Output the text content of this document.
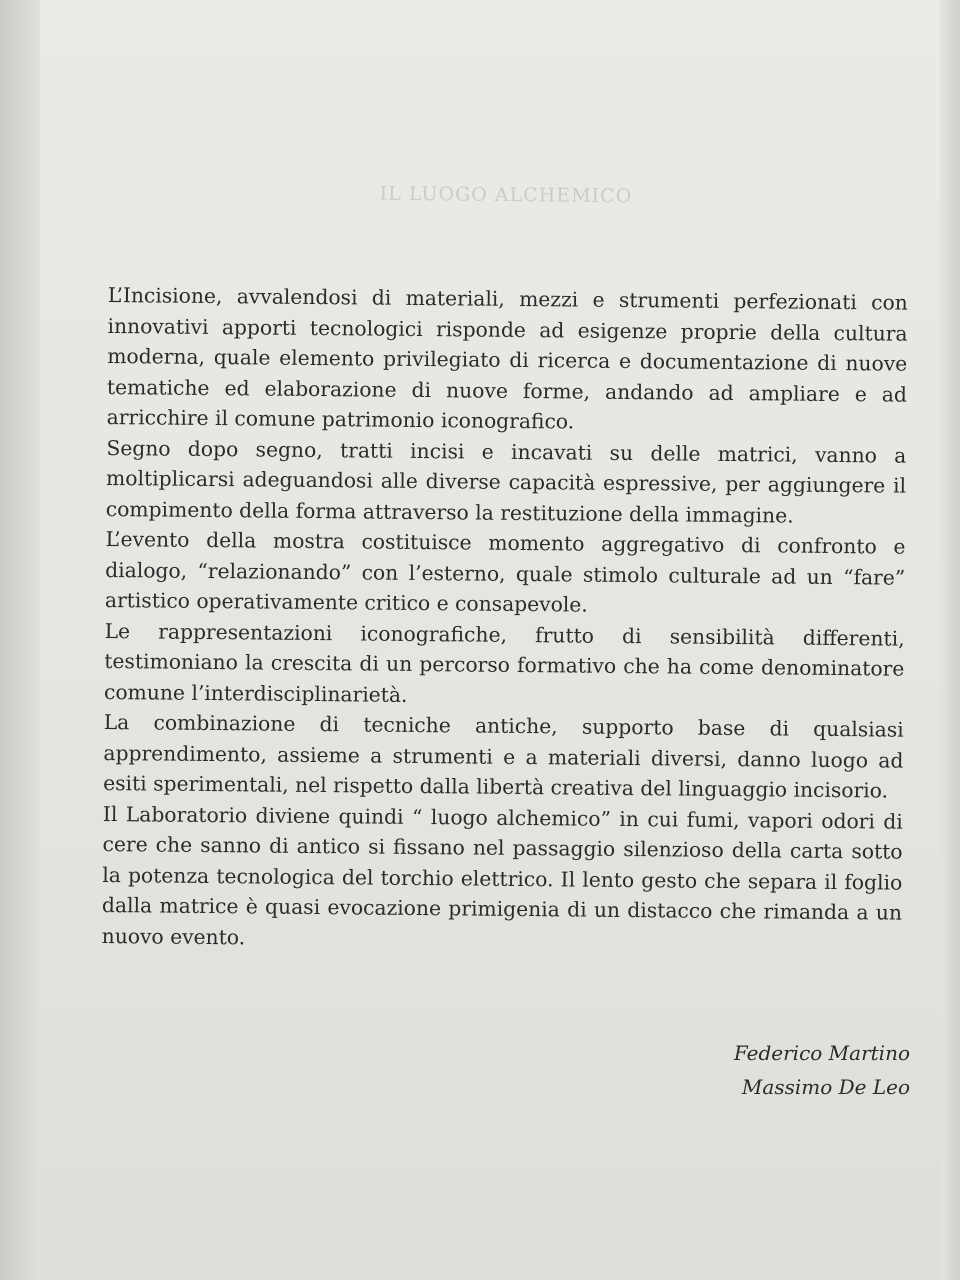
IL LUOGO ALCHEMICO

L’Incisione, avvalendosi di materiali, mezzi e strumenti perfezionati con innovativi apporti tecnologici risponde ad esigenze proprie della cultura moderna, quale elemento privilegiato di ricerca e documentazione di nuove tematiche ed elaborazione di nuove forme, andando ad ampliare e ad arricchire il comune patrimonio iconografico.

Segno dopo segno, tratti incisi e incavati su delle matrici, vanno a moltiplicarsi adeguandosi alle diverse capacità espressive, per aggiungere il compimento della forma attraverso la restituzione della immagine.

L’evento della mostra costituisce momento aggregativo di confronto e dialogo, “relazionando” con l’esterno, quale stimolo culturale ad un “fare” artistico operativamente critico e consapevole.

Le rappresentazioni iconografiche, frutto di sensibilità differenti, testimoniano la crescita di un percorso formativo che ha come denominatore comune l’interdisciplinarietà.

La combinazione di tecniche antiche, supporto base di qualsiasi apprendimento, assieme a strumenti e a materiali diversi, danno luogo ad esiti sperimentali, nel rispetto dalla libertà creativa del linguaggio incisorio.

Il Laboratorio diviene quindi “ luogo alchemico” in cui fumi, vapori odori di cere che sanno di antico si fissano nel passaggio silenzioso della carta sotto la potenza tecnologica del torchio elettrico. Il lento gesto che separa il foglio dalla matrice è quasi evocazione primigenia di un distacco che rimanda a un nuovo evento.

Federico Martino
Massimo De Leo
